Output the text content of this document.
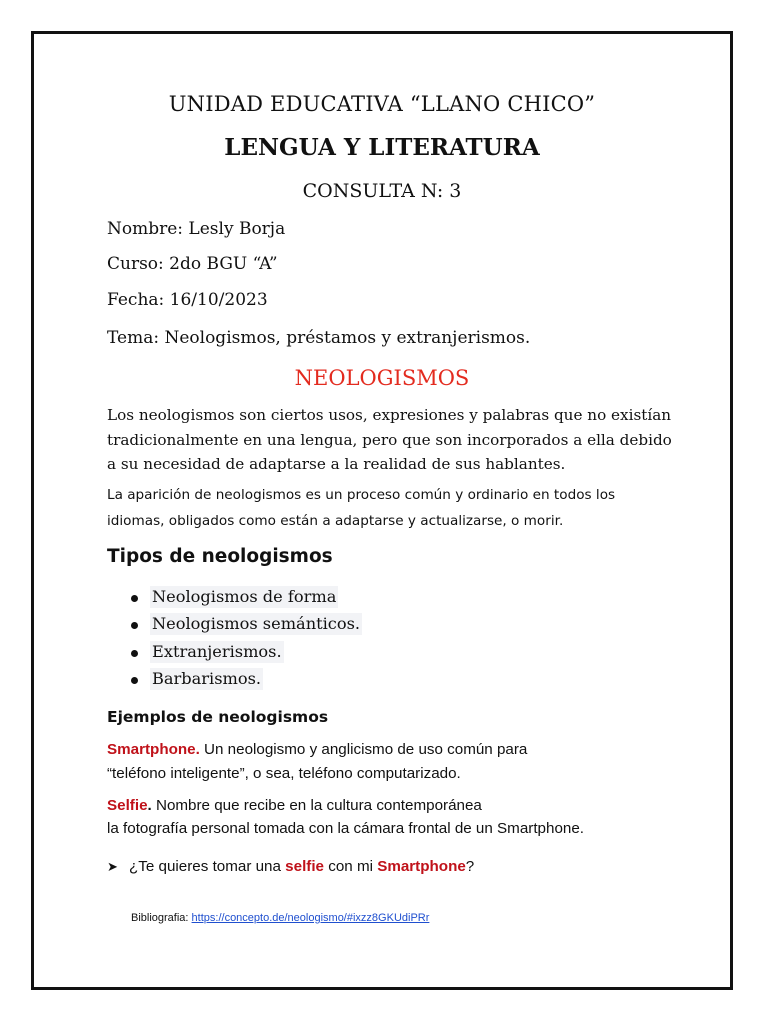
UNIDAD EDUCATIVA “LLANO CHICO”
LENGUA Y LITERATURA
CONSULTA N: 3
Nombre: Lesly Borja
Curso: 2do BGU “A”
Fecha: 16/10/2023
Tema: Neologismos, préstamos y extranjerismos.
NEOLOGISMOS
Los neologismos son ciertos usos, expresiones y palabras que no existían
tradicionalmente en una lengua, pero que son incorporados a ella debido
a su necesidad de adaptarse a la realidad de sus hablantes.
La aparición de neologismos es un proceso común y ordinario en todos los
idiomas, obligados como están a adaptarse y actualizarse, o morir.
Tipos de neologismos
Neologismos de forma
Neologismos semánticos.
Extranjerismos.
Barbarismos.
Ejemplos de neologismos
Smartphone. Un neologismo y anglicismo de uso común para
“teléfono inteligente”, o sea, teléfono computarizado.
Selfie. Nombre que recibe en la cultura contemporánea
la fotografía personal tomada con la cámara frontal de un Smartphone.
➤ ¿Te quieres tomar una selfie con mi Smartphone?
Bibliografia: https://concepto.de/neologismo/#ixzz8GKUdiPRr
